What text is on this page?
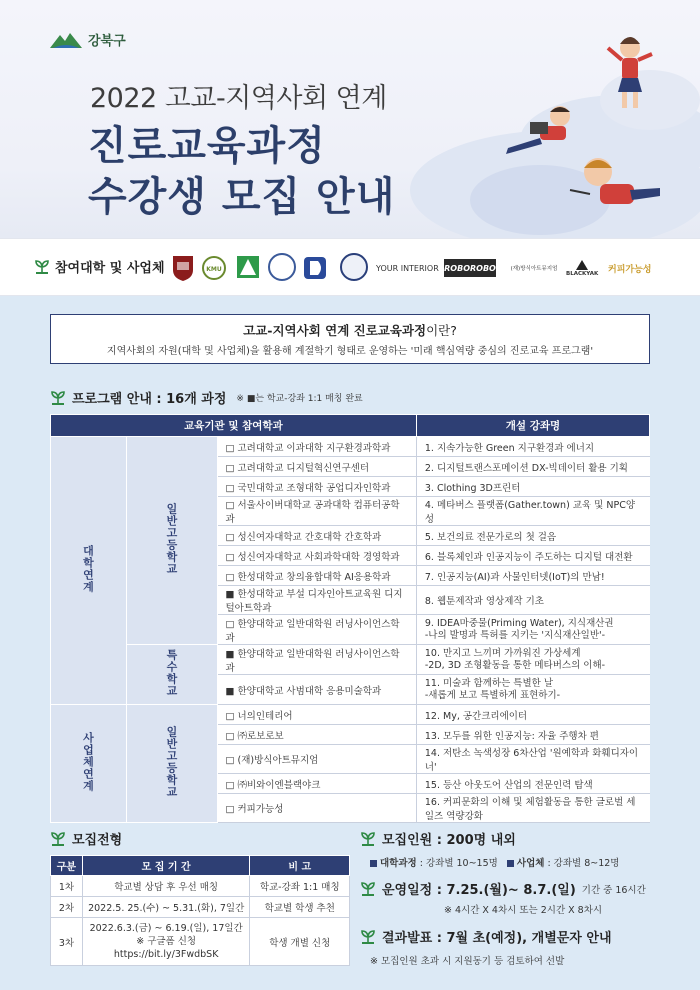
강북구
2022 고교-지역사회 연계
진로교육과정
수강생 모집 안내
참여대학 및 사업체	KMU	YOUR INTERIOR ROBOROBO	(재)방식아트뮤지엄
BLACKYAK 커피가능성
고교-지역사회 연계 진로교육과정이란?
지역사회의 자원(대학 및 사업체)을 활용해 계절학기 형태로 운영하는 '미래 핵심역량 중심의 진로교육 프로그램'
프로그램 안내 : 16개 과정 ※ ■는 학교-강좌 1:1 매칭 완료
교육기관 및 참여학과			개설 강좌명
대학연계	일반고등학교	□ 고려대학교 이과대학 지구환경과학과	1. 지속가능한 Green 지구환경과 에너지
		□ 고려대학교 디지털혁신연구센터	2. 디지털트랜스포메이션 DX-빅데이터 활용 기획
		□ 국민대학교 조형대학 공업디자인학과	3. Clothing 3D프린터
		□ 서울사이버대학교 공과대학 컴퓨터공학과	4. 메타버스 플랫폼(Gather.town) 교육 및 NPC양성
		□ 성신여자대학교 간호대학 간호학과	5. 보건의료 전문가로의 첫 걸음
		□ 성신여자대학교 사회과학대학 경영학과	6. 블록체인과 인공지능이 주도하는 디지털 대전환
		□ 한성대학교 창의융합대학 AI응용학과	7. 인공지능(AI)과 사물인터넷(IoT)의 만남!
		■ 한성대학교 부설 디자인아트교육원 디지털아트학과	8. 웹툰제작과 영상제작 기초
		□ 한양대학교 일반대학원 러닝사이언스학과	9. IDEA마중물(Priming Water), 지식재산권
-나의 발명과 특허를 지키는 '지식재산일반'-

	특수학교	■ 한양대학교 일반대학원 러닝사이언스학과	10. 만지고 느끼며 가까워진 가상세계
-2D, 3D 조형활동을 통한 메타버스의 이해-

		■ 한양대학교 사범대학 응용미술학과	11. 미술과 함께하는 특별한 날
-새롭게 보고 특별하게 표현하기-

사업체연계	일반고등학교	□ 너의인테리어	12. My, 공간크리에이터
		□ ㈜로보로보	13. 모두를 위한 인공지능: 자율 주행차 편
		□ (재)방식아트뮤지엄	14. 저탄소 녹색성장 6차산업 '원예학과 화훼디자이너'
		□ ㈜비와이엔블랙야크	15. 등산 아웃도어 산업의 전문인력 탐색
		□ 커피가능성	16. 커피문화의 이해 및 체험활동을 통한 글로벌 세일즈 역량강화
모집전형
구분	모 집 기 간	비 고
1차	학교별 상담 후 우선 매칭	학교-강좌 1:1 매칭
2차	2022.5. 25.(수) ~ 5.31.(화), 7일간	학교별 학생 추천
3차	2022.6.3.(금) ~ 6.19.(일), 17일간
※ 구글폼 신청
https://bit.ly/3FwdbSK	학생 개별 신청
모집인원 : 200명 내외
대학과정 : 강좌별 10~15명 사업체 : 강좌별 8~12명
운영일정 : 7.25.(월)~ 8.7.(일) 기간 중 16시간
※ 4시간 X 4차시 또는 2시간 X 8차시
결과발표 : 7월 초(예정), 개별문자 안내
※ 모집인원 초과 시 지원동기 등 검토하여 선발
